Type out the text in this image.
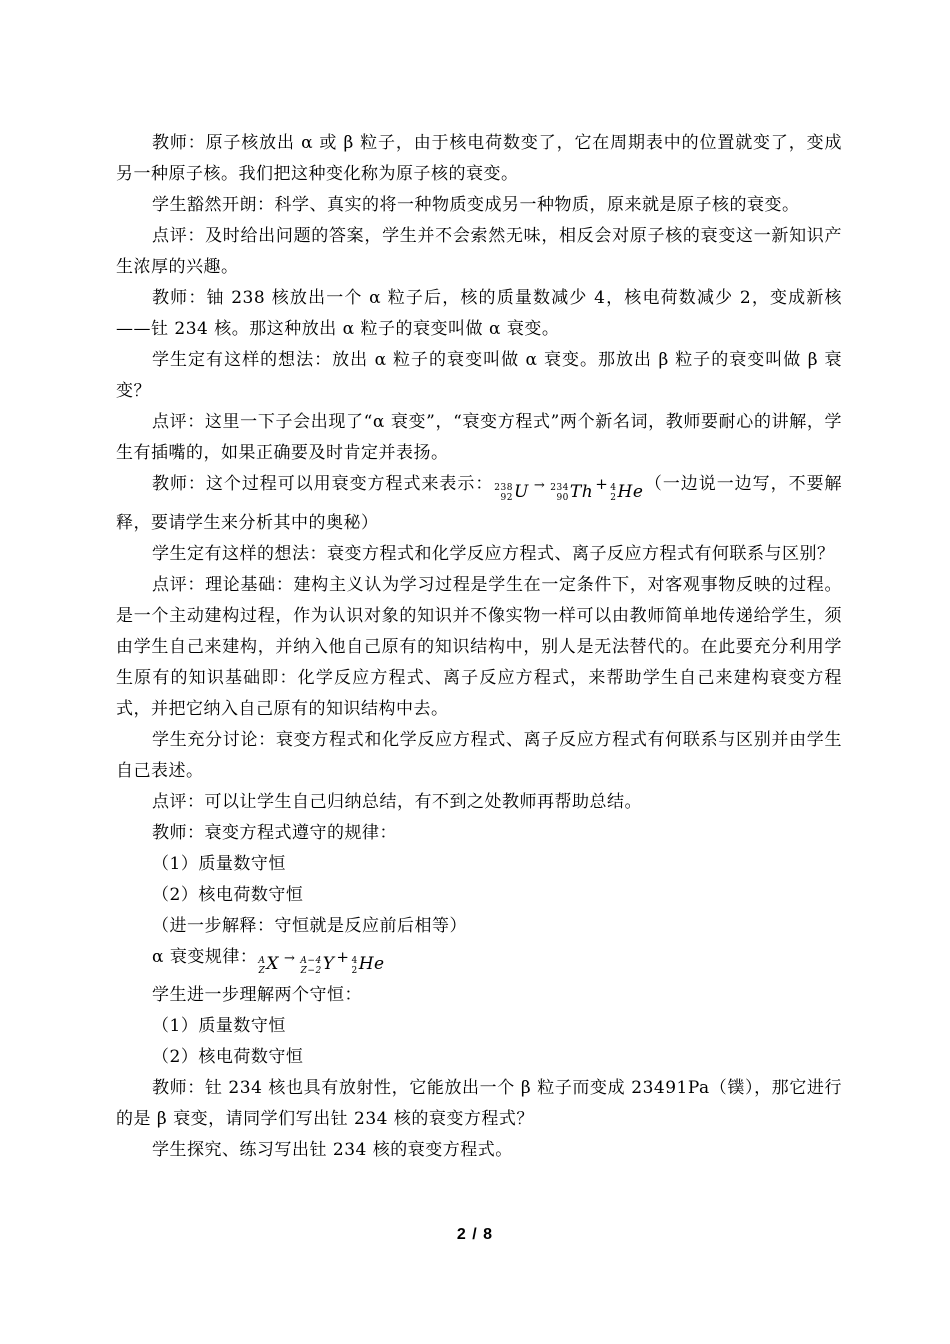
教师：原子核放出 α 或 β 粒子，由于核电荷数变了，它在周期表中的位置就变了，变成另一种原子核。我们把这种变化称为原子核的衰变。

学生豁然开朗：科学、真实的将一种物质变成另一种物质，原来就是原子核的衰变。

点评：及时给出问题的答案，学生并不会索然无味，相反会对原子核的衰变这一新知识产生浓厚的兴趣。

教师：铀 238 核放出一个 α 粒子后，核的质量数减少 4，核电荷数减少 2，变成新核——钍 234 核。那这种放出 α 粒子的衰变叫做 α 衰变。

学生定有这样的想法：放出 α 粒子的衰变叫做 α 衰变。那放出 β 粒子的衰变叫做 β 衰变？

点评：这里一下子会出现了“α 衰变”，“衰变方程式”两个新名词，教师要耐心的讲解，学生有插嘴的，如果正确要及时肯定并表扬。

教师：这个过程可以用衰变方程式来表示： 238
92 U → 234
90 Th + 4
2 He （一边说一边写，不要解释，要请学生来分析其中的奥秘）

学生定有这样的想法：衰变方程式和化学反应方程式、离子反应方程式有何联系与区别？

点评：理论基础：建构主义认为学习过程是学生在一定条件下，对客观事物反映的过程。是一个主动建构过程，作为认识对象的知识并不像实物一样可以由教师简单地传递给学生，须由学生自己来建构，并纳入他自己原有的知识结构中，别人是无法替代的。在此要充分利用学生原有的知识基础即：化学反应方程式、离子反应方程式，来帮助学生自己来建构衰变方程式，并把它纳入自己原有的知识结构中去。

学生充分讨论：衰变方程式和化学反应方程式、离子反应方程式有何联系与区别并由学生自己表述。

点评：可以让学生自己归纳总结，有不到之处教师再帮助总结。

教师：衰变方程式遵守的规律：

（1）质量数守恒

（2）核电荷数守恒

（进一步解释：守恒就是反应前后相等）

α 衰变规律： A
Z X → A−4
Z−2 Y + 4
2 He

学生进一步理解两个守恒：

（1）质量数守恒

（2）核电荷数守恒

教师：钍 234 核也具有放射性，它能放出一个 β 粒子而变成 23491Pa（镤），那它进行的是 β 衰变，请同学们写出钍 234 核的衰变方程式？

学生探究、练习写出钍 234 核的衰变方程式。

2 / 8
